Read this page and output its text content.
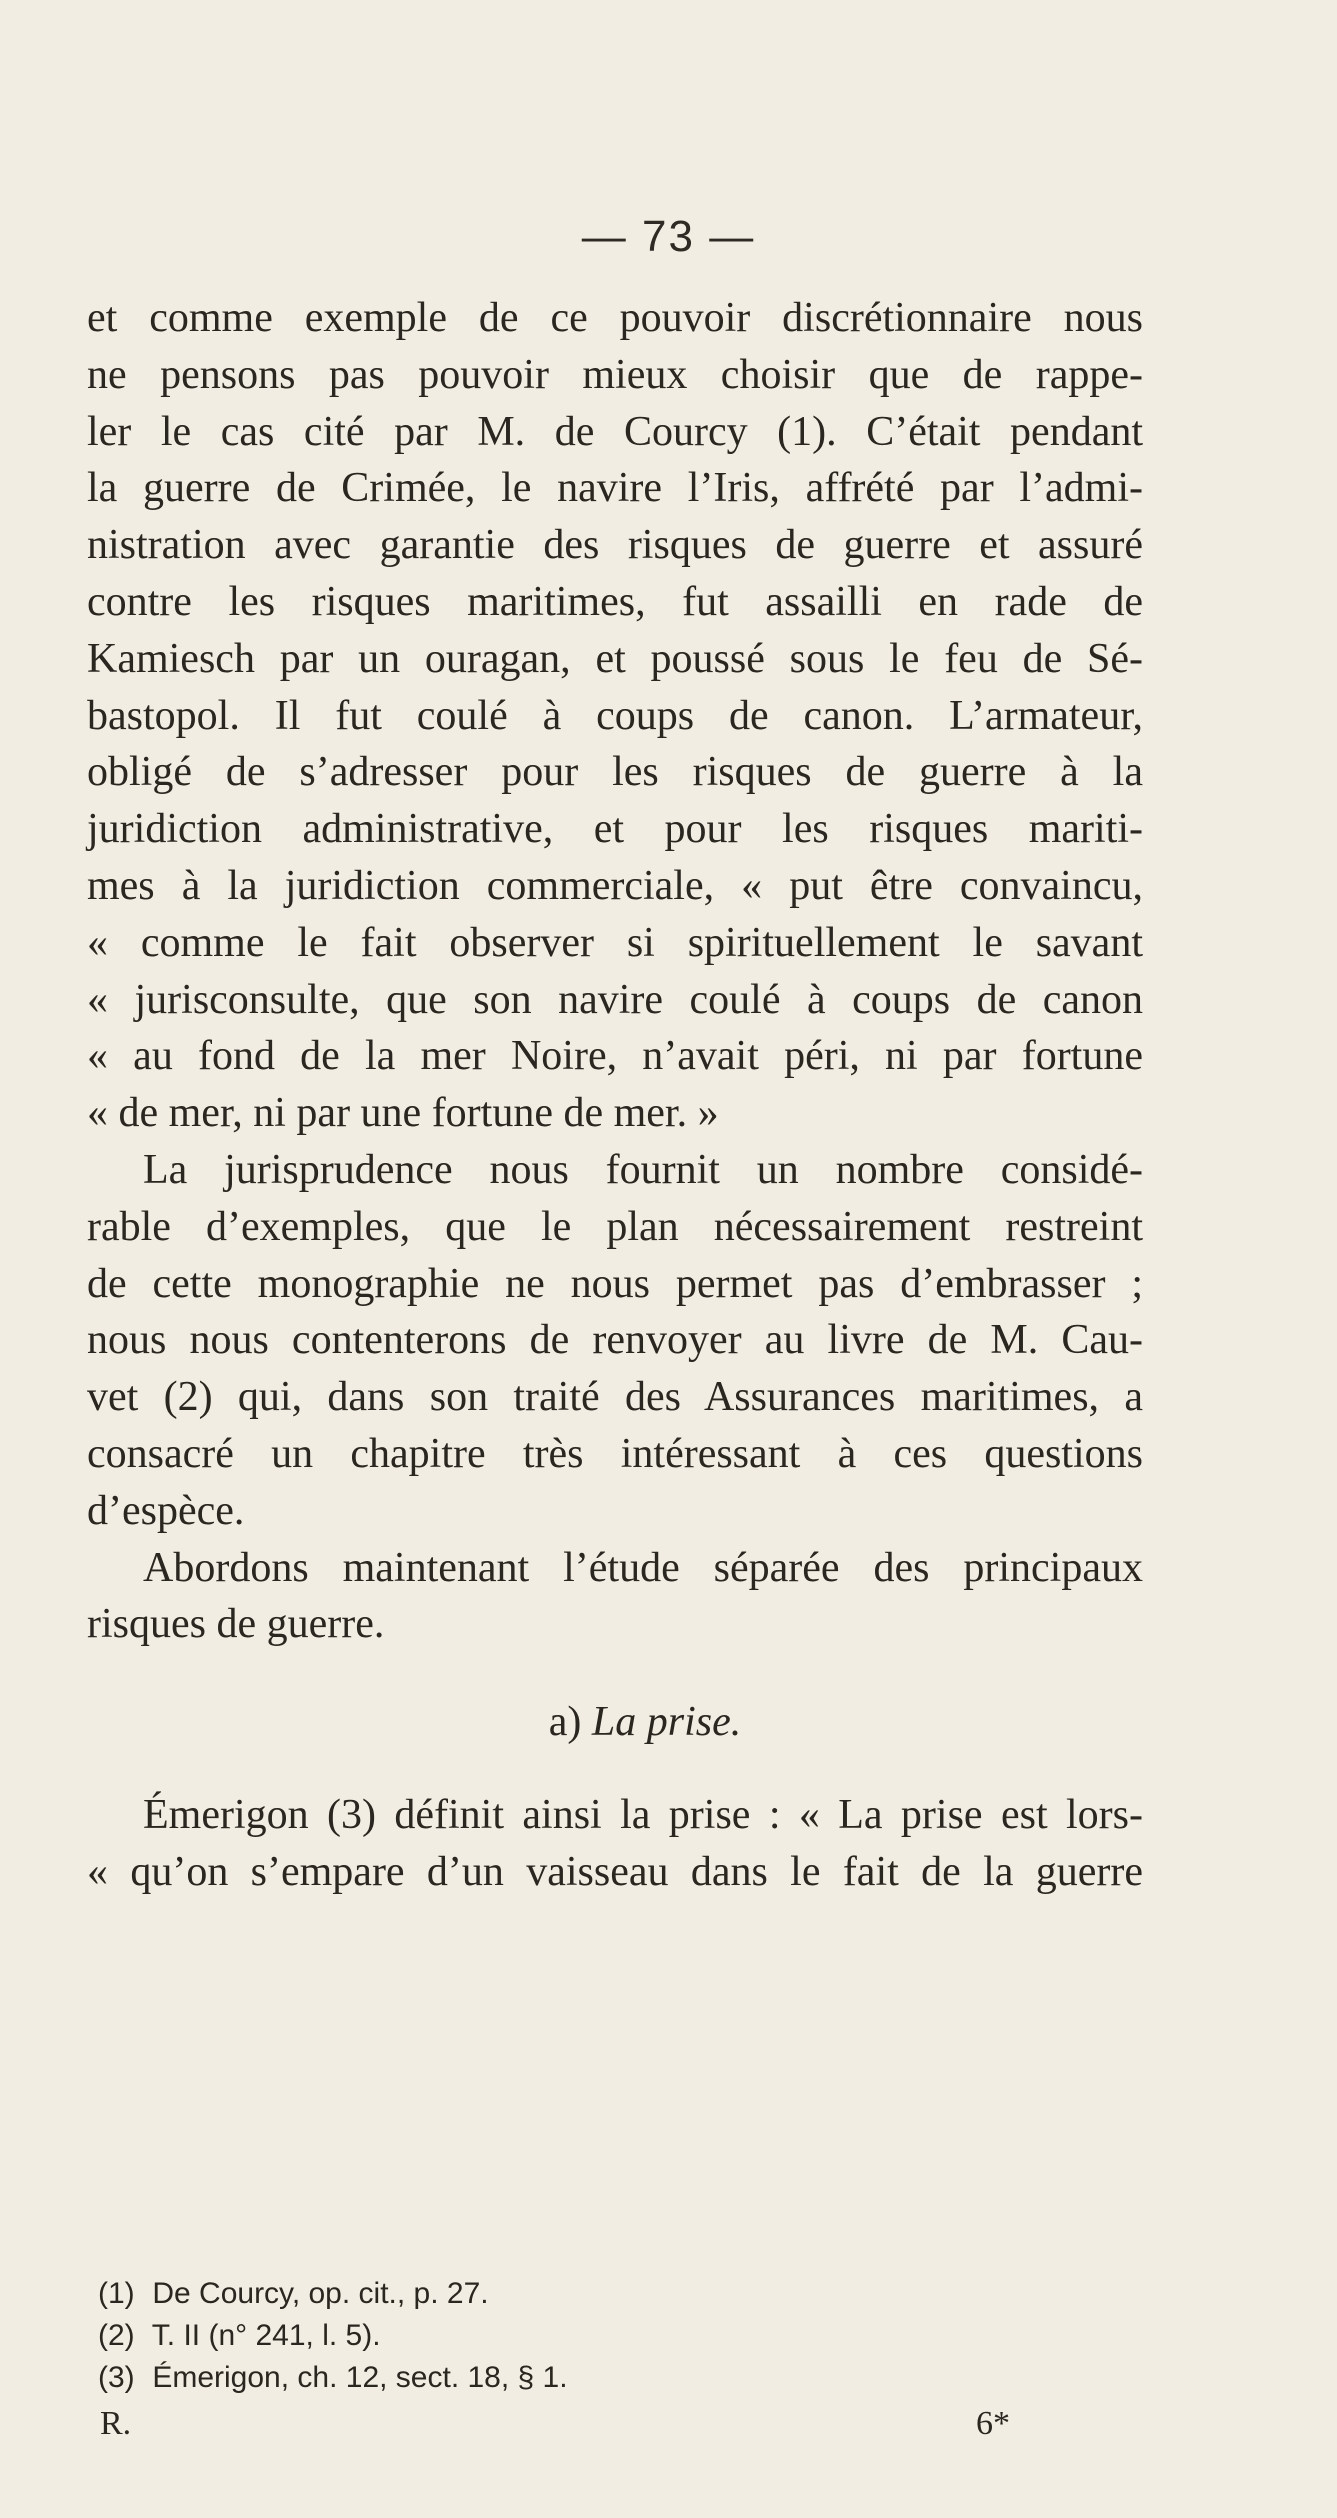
— 73 —
et comme exemple de ce pouvoir discrétionnaire nous
ne pensons pas pouvoir mieux choisir que de rappe-
ler le cas cité par M. de Courcy (1). C’était pendant
la guerre de Crimée, le navire l’Iris, affrété par l’admi-
nistration avec garantie des risques de guerre et assuré
contre les risques maritimes, fut assailli en rade de
Kamiesch par un ouragan, et poussé sous le feu de Sé-
bastopol. Il fut coulé à coups de canon. L’armateur,
obligé de s’adresser pour les risques de guerre à la
juridiction administrative, et pour les risques mariti-
mes à la juridiction commerciale, « put être convaincu,
« comme le fait observer si spirituellement le savant
« jurisconsulte, que son navire coulé à coups de canon
« au fond de la mer Noire, n’avait péri, ni par fortune
« de mer, ni par une fortune de mer. »
La jurisprudence nous fournit un nombre considé-
rable d’exemples, que le plan nécessairement restreint
de cette monographie ne nous permet pas d’embrasser ;
nous nous contenterons de renvoyer au livre de M. Cau-
vet (2) qui, dans son traité des Assurances maritimes, a
consacré un chapitre très intéressant à ces questions
d’espèce.
Abordons maintenant l’étude séparée des principaux
risques de guerre.
a) La prise.
Émerigon (3) définit ainsi la prise : « La prise est lors-
« qu’on s’empare d’un vaisseau dans le fait de la guerre
(1) De Courcy, op. cit., p. 27.
(2) T. II (n° 241, l. 5).
(3) Émerigon, ch. 12, sect. 18, § 1.
R.	6*
